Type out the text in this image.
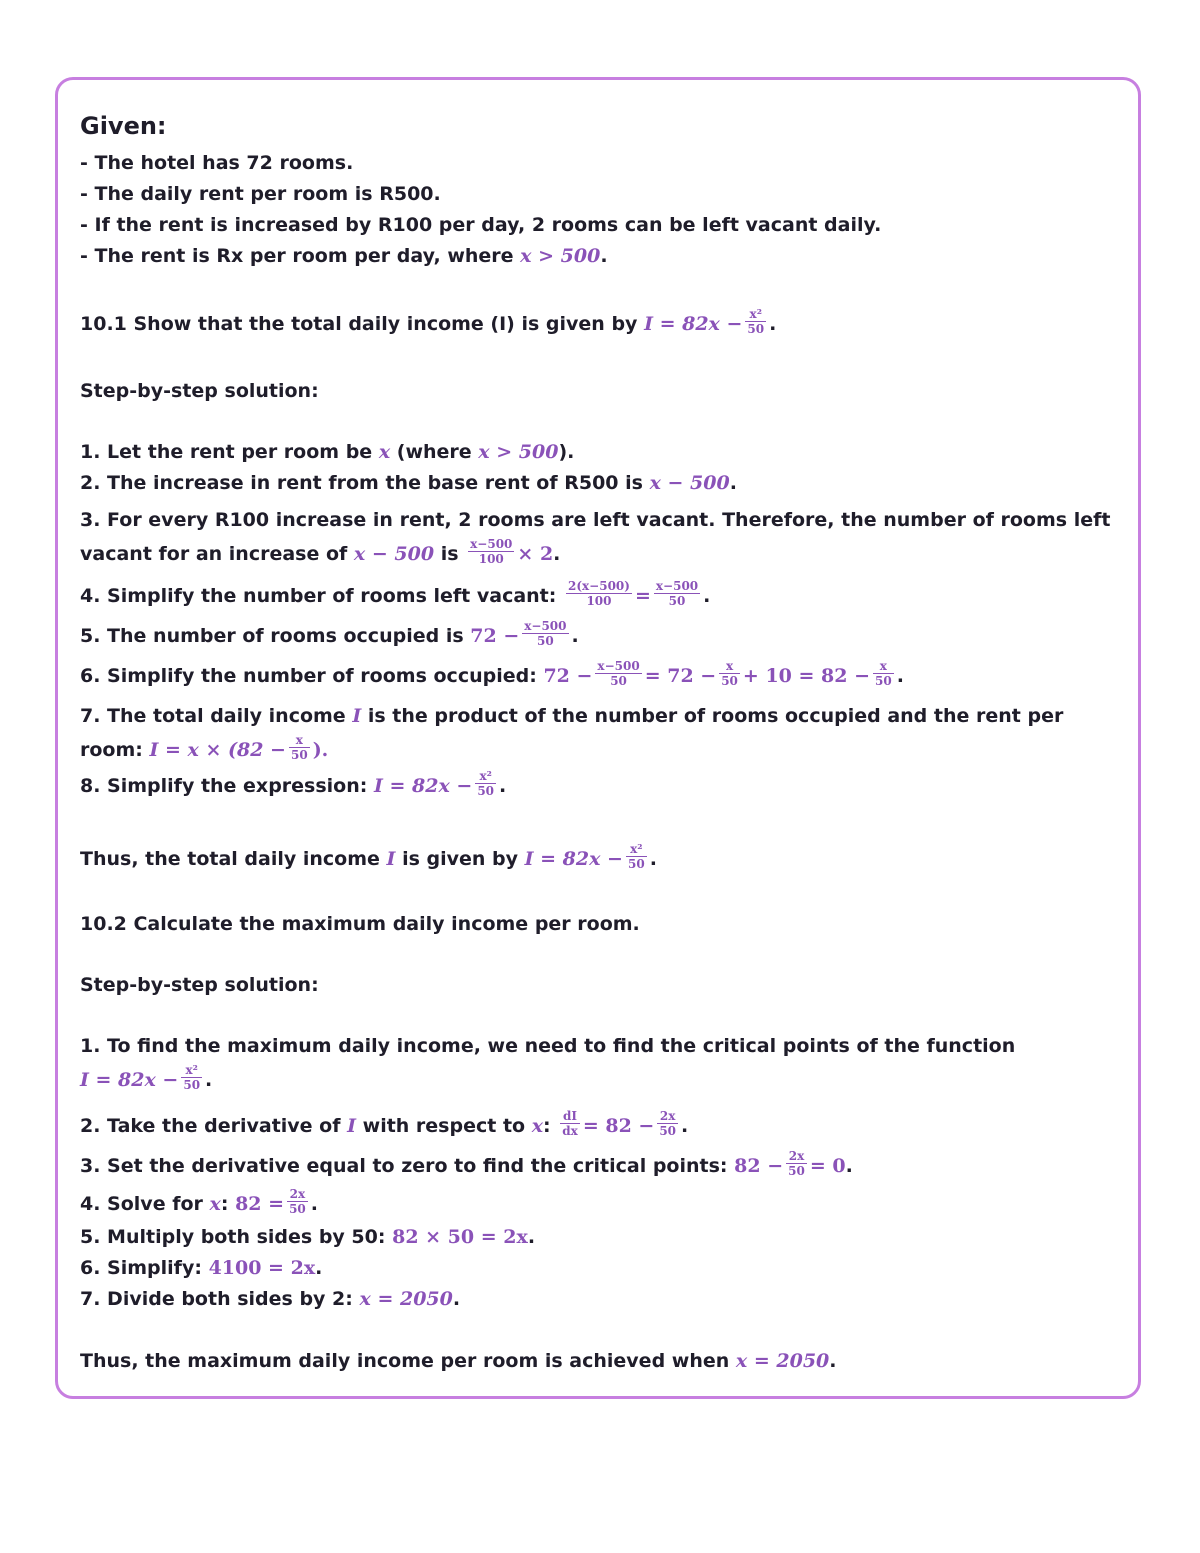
Given:
- The hotel has 72 rooms.
- The daily rent per room is R500.
- If the rent is increased by R100 per day, 2 rooms can be left vacant daily.
- The rent is Rx per room per day, where x > 500.
10.1 Show that the total daily income (I) is given by $I = 82x - \frac{\text{x²}}{50}$ .
Step-by-step solution:
1. Let the rent per room be x (where x > 500).
2. The increase in rent from the base rent of R500 is x − 500.
3. For every R100 increase in rent, 2 rooms are left vacant. Therefore, the number of rooms left vacant for an increase of x − 500 is $\frac{x-500}{100} \times 2$.
4. Simplify the number of rooms left vacant: $\frac{2(x-500)}{100} = \frac{x-500}{50}$ .
5. The number of rooms occupied is $72 - \frac{x-500}{50}$ .
6. Simplify the number of rooms occupied: $72 - \frac{x-500}{50} = 72 - \frac{x}{50} + 10 = 82 - \frac{x}{50}$ .
7. The total daily income I is the product of the number of rooms occupied and the rent per room: $I = x \times (82 - \frac{x}{50}$ ).
8. Simplify the expression: $I = 82x - \frac{\text{x²}}{50}$ .
Thus, the total daily income I is given by $I = 82x - \frac{\text{x²}}{50}$ .
10.2 Calculate the maximum daily income per room.
Step-by-step solution:
1. To find the maximum daily income, we need to find the critical points of the function
$I = 82x - \frac{\text{x²}}{50}$ .
2. Take the derivative of I with respect to x: $\frac{dI}{dx} = 82 - \frac{2x}{50}$ .
3. Set the derivative equal to zero to find the critical points: $82 - \frac{2x}{50} = 0$.
4. Solve for x: $82 = \frac{2x}{50}$ .
5. Multiply both sides by 50: 82 × 50 = 2x.
6. Simplify: 4100 = 2x.
7. Divide both sides by 2: x = 2050.
Thus, the maximum daily income per room is achieved when x = 2050.
